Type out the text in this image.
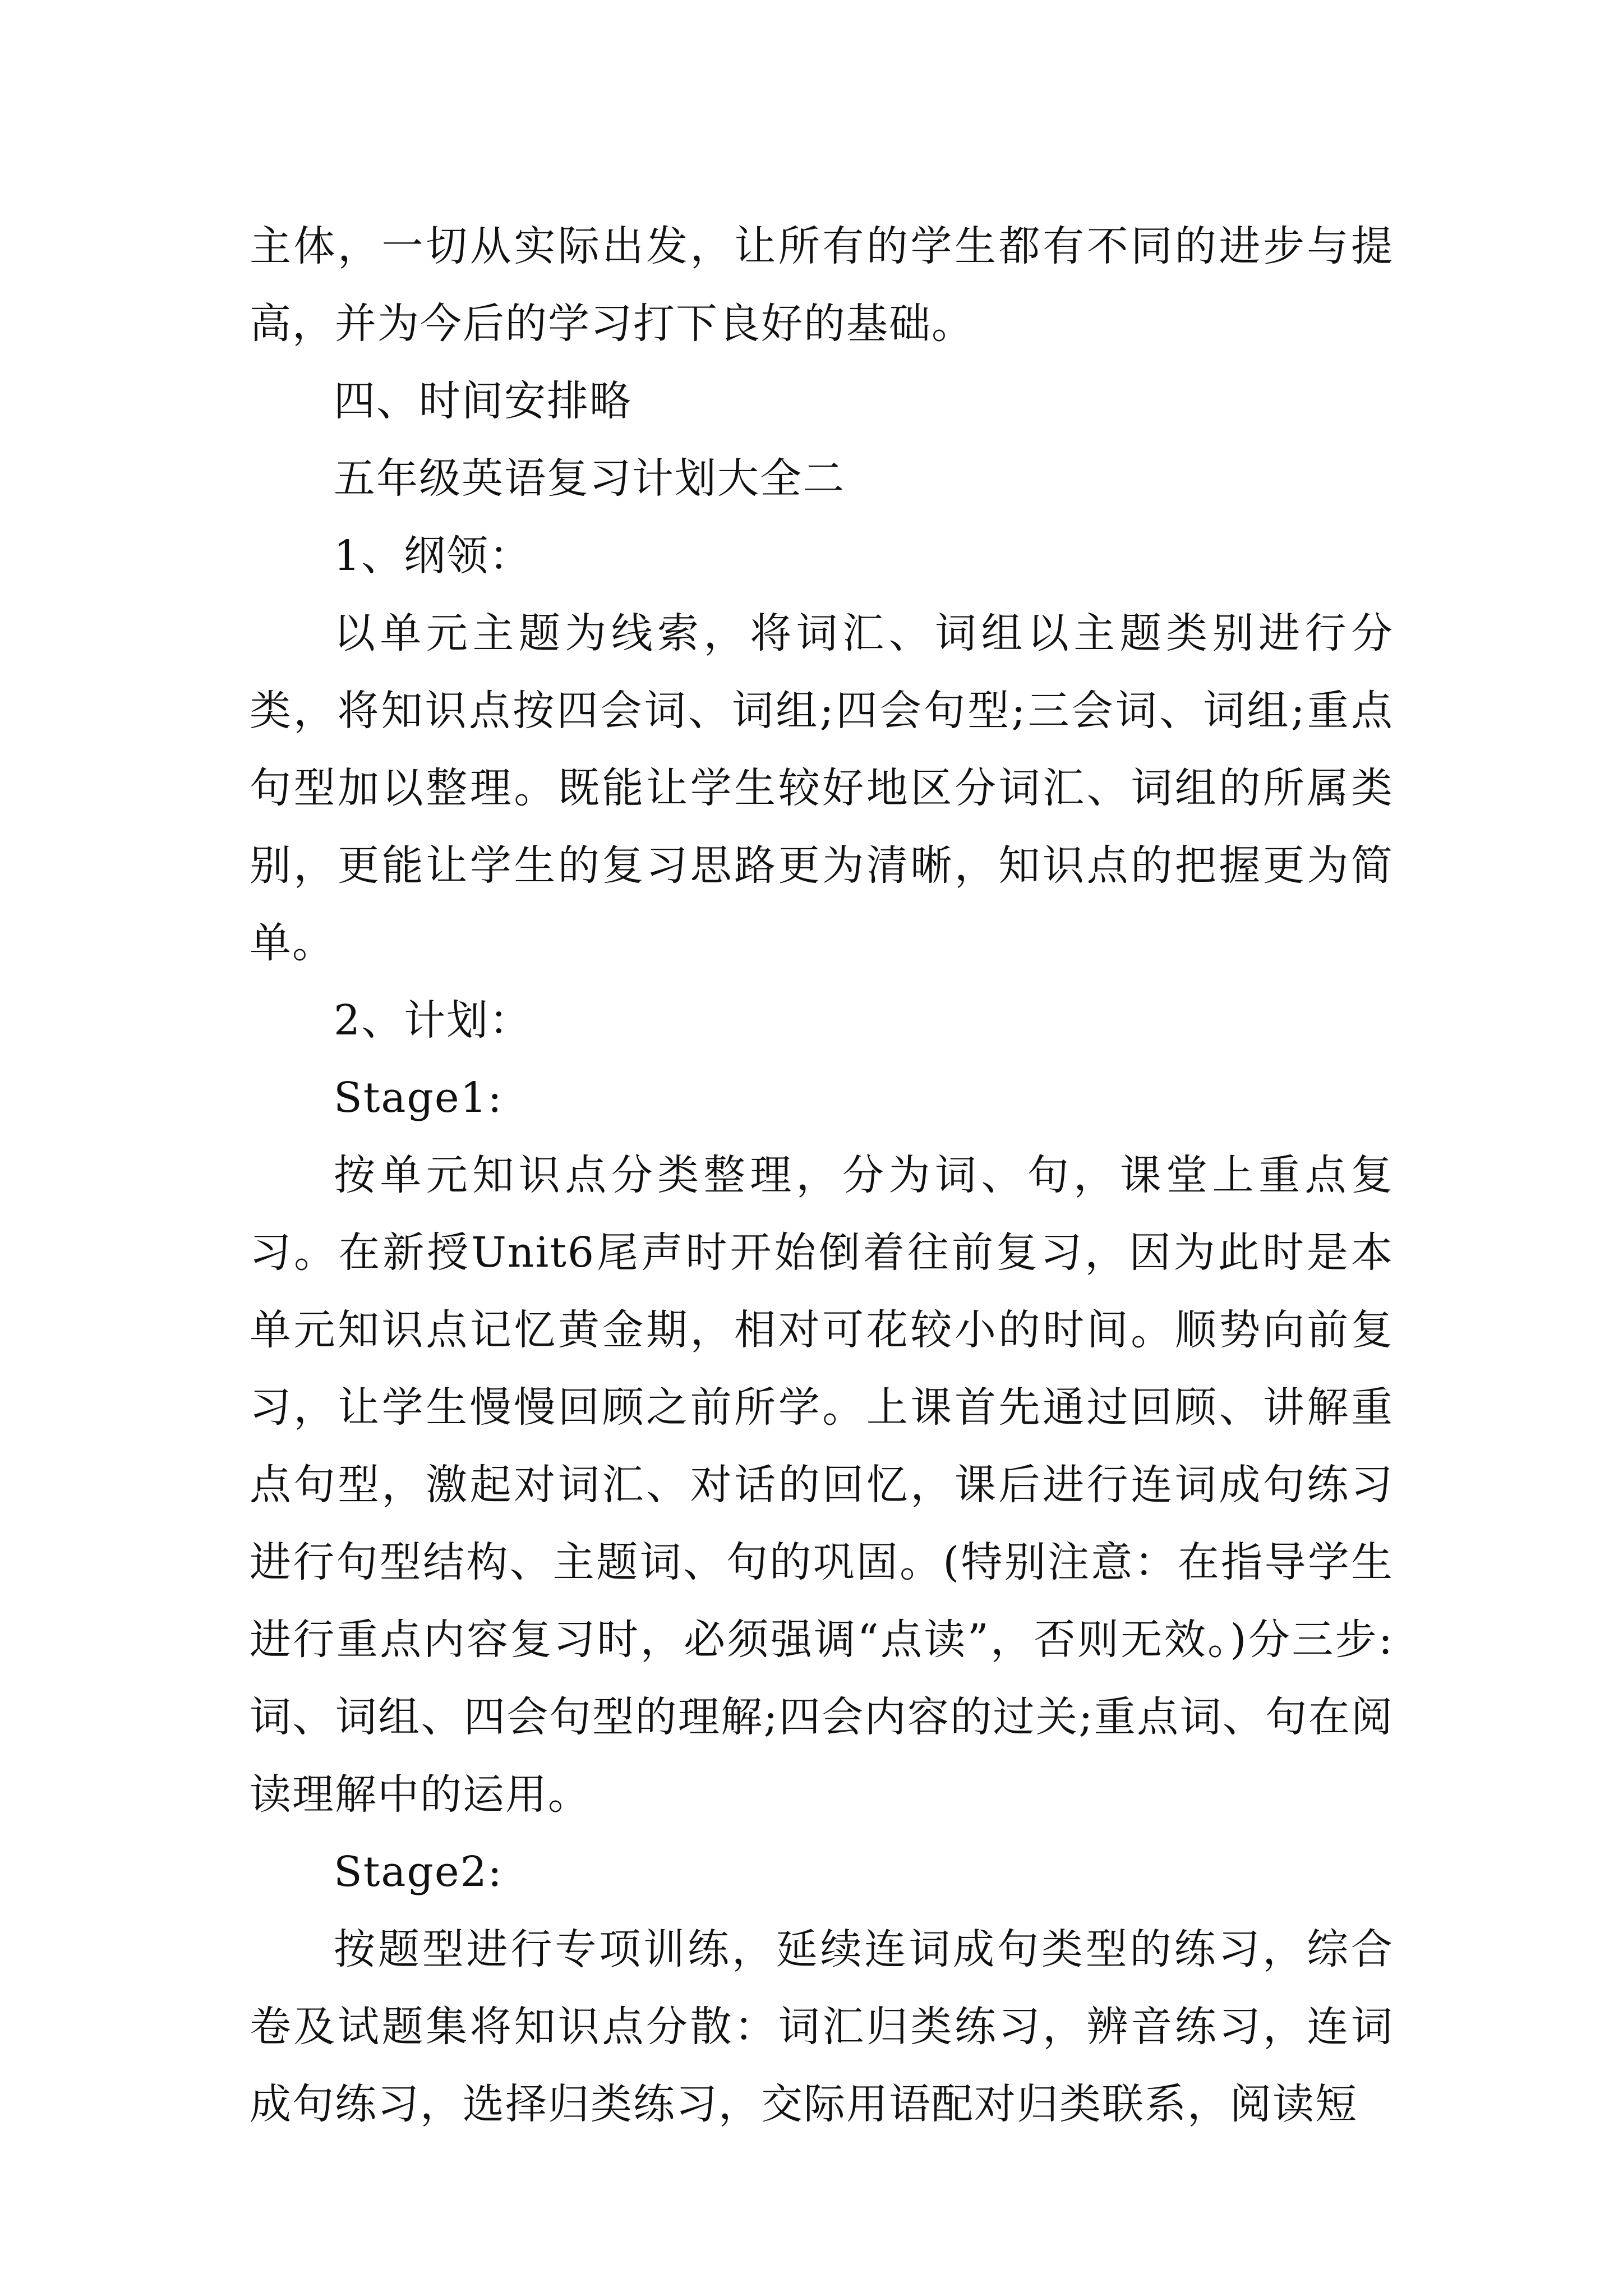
主体，一切从实际出发，让所有的学生都有不同的进步与提高，并为今后的学习打下良好的基础。

四、时间安排略

五年级英语复习计划大全二

1、纲领：

以单元主题为线索，将词汇、词组以主题类别进行分类，将知识点按四会词、词组;四会句型;三会词、词组;重点句型加以整理。既能让学生较好地区分词汇、词组的所属类别，更能让学生的复习思路更为清晰，知识点的把握更为简单。

2、计划：

Stage1:

按单元知识点分类整理，分为词、句，课堂上重点复习。在新授Unit6尾声时开始倒着往前复习，因为此时是本单元知识点记忆黄金期，相对可花较小的时间。顺势向前复习，让学生慢慢回顾之前所学。上课首先通过回顾、讲解重点句型，激起对词汇、对话的回忆，课后进行连词成句练习进行句型结构、主题词、句的巩固。(特别注意：在指导学生进行重点内容复习时，必须强调“点读”，否则无效。)分三步:词、词组、四会句型的理解;四会内容的过关;重点词、句在阅读理解中的运用。

Stage2:

按题型进行专项训练，延续连词成句类型的练习，综合卷及试题集将知识点分散：词汇归类练习，辨音练习，连词成句练习，选择归类练习，交际用语配对归类联系，阅读短
